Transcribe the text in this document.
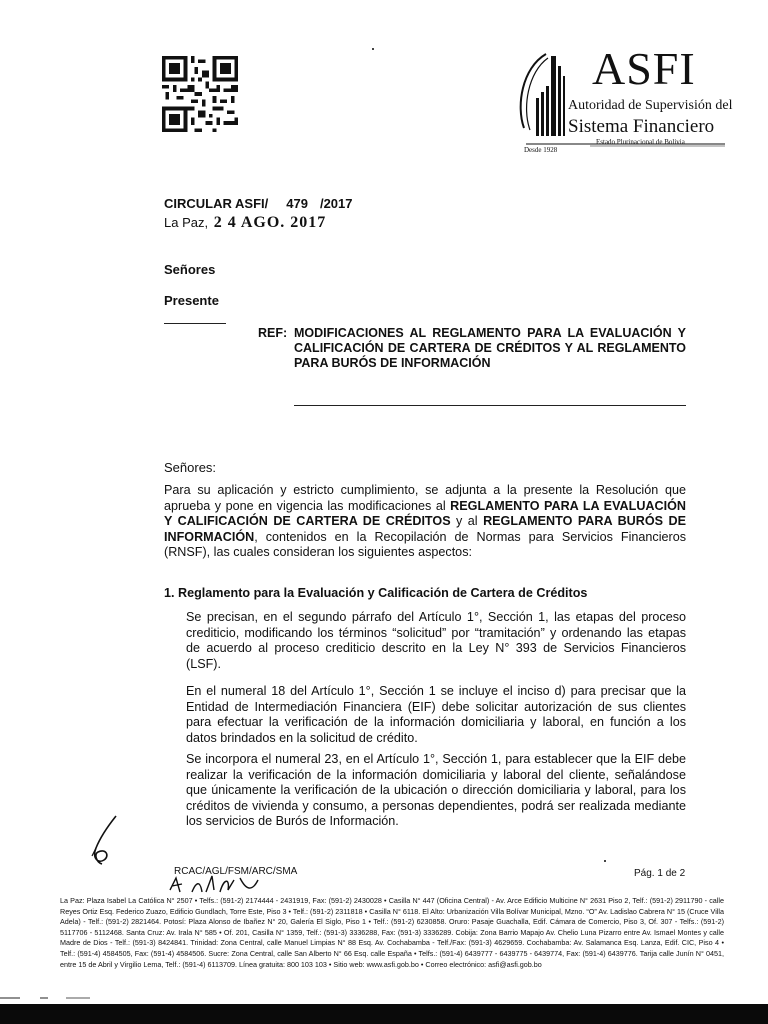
ASFI
Autoridad de Supervisión del
Sistema Financiero
Estado Plurinacional de Bolivia
Desde 1928
CIRCULAR ASFI/ 479 /2017
La Paz, 2 4 AGO. 2017
Señores
Presente
REF: MODIFICACIONES AL REGLAMENTO PARA LA EVALUACIÓN Y CALIFICACIÓN DE CARTERA DE CRÉDITOS Y AL REGLAMENTO PARA BURÓS DE INFORMACIÓN
Señores:
Para su aplicación y estricto cumplimiento, se adjunta a la presente la Resolución que aprueba y pone en vigencia las modificaciones al REGLAMENTO PARA LA EVALUACIÓN Y CALIFICACIÓN DE CARTERA DE CRÉDITOS y al REGLAMENTO PARA BURÓS DE INFORMACIÓN, contenidos en la Recopilación de Normas para Servicios Financieros (RNSF), las cuales consideran los siguientes aspectos:
1. Reglamento para la Evaluación y Calificación de Cartera de Créditos
Se precisan, en el segundo párrafo del Artículo 1°, Sección 1, las etapas del proceso crediticio, modificando los términos “solicitud” por “tramitación” y ordenando las etapas de acuerdo al proceso crediticio descrito en la Ley N° 393 de Servicios Financieros (LSF).
En el numeral 18 del Artículo 1°, Sección 1 se incluye el inciso d) para precisar que la Entidad de Intermediación Financiera (EIF) debe solicitar autorización de sus clientes para efectuar la verificación de la información domiciliaria y laboral, en función a los datos brindados en la solicitud de crédito.
Se incorpora el numeral 23, en el Artículo 1°, Sección 1, para establecer que la EIF debe realizar la verificación de la información domiciliaria y laboral del cliente, señalándose que únicamente la verificación de la ubicación o dirección domiciliaria y laboral, para los créditos de vivienda y consumo, a personas dependientes, podrá ser realizada mediante los servicios de Burós de Información.
RCAC/AGL/FSM/ARC/SMA	Pág. 1 de 2
La Paz: Plaza Isabel La Católica N° 2507 • Telfs.: (591-2) 2174444 - 2431919, Fax: (591-2) 2430028 • Casilla N° 447 (Oficina Central) - Av. Arce Edificio Multicine N° 2631 Piso 2, Telf.: (591-2) 2911790 - calle Reyes Ortiz Esq. Federico Zuazo, Edificio Gundlach, Torre Este, Piso 3 • Telf.: (591-2) 2311818 • Casilla N° 6118. El Alto: Urbanización Villa Bolívar Municipal, Mzno. “O” Av. Ladislao Cabrera N° 15 (Cruce Villa Adela) - Telf.: (591-2) 2821464. Potosí: Plaza Alonso de Ibañez N° 20, Galería El Siglo, Piso 1 • Telf.: (591-2) 6230858. Oruro: Pasaje Guachalla, Edif. Cámara de Comercio, Piso 3, Of. 307 - Telfs.: (591-2) 5117706 - 5112468. Santa Cruz: Av. Irala N° 585 • Of. 201, Casilla N° 1359, Telf.: (591-3) 3336288, Fax: (591-3) 3336289. Cobija: Zona Barrio Mapajo Av. Chelio Luna Pizarro entre Av. Ismael Montes y calle Madre de Dios - Telf.: (591-3) 8424841. Trinidad: Zona Central, calle Manuel Limpias N° 88 Esq. Av. Cochabamba - Telf./Fax: (591-3) 4629659. Cochabamba: Av. Salamanca Esq. Lanza, Edif. CIC, Piso 4 • Telf.: (591-4) 4584505, Fax: (591-4) 4584506. Sucre: Zona Central, calle San Alberto N° 66 Esq. calle España • Telfs.: (591-4) 6439777 - 6439775 - 6439774, Fax: (591-4) 6439776. Tarija calle Junín N° 0451, entre 15 de Abril y Virgilio Lema, Telf.: (591-4) 6113709. Línea gratuita: 800 103 103 • Sitio web: www.asfi.gob.bo • Correo electrónico: asfi@asfi.gob.bo
